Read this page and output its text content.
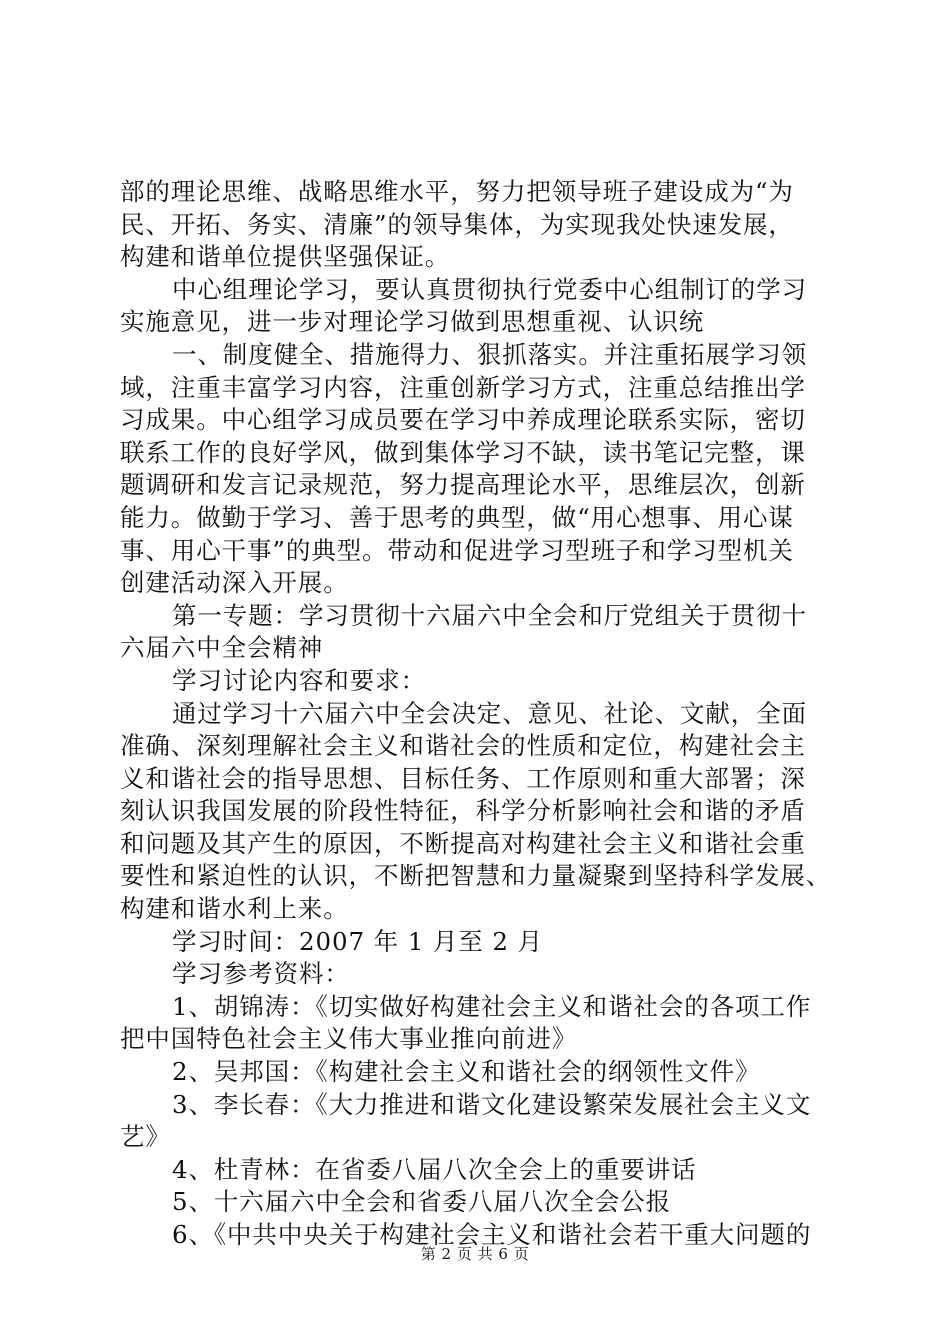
部的理论思维、战略思维水平，努力把领导班子建设成为“为
民、开拓、务实、清廉”的领导集体，为实现我处快速发展，
构建和谐单位提供坚强保证。
中心组理论学习，要认真贯彻执行党委中心组制订的学习
实施意见，进一步对理论学习做到思想重视、认识统
一、制度健全、措施得力、狠抓落实。并注重拓展学习领
域，注重丰富学习内容，注重创新学习方式，注重总结推出学
习成果。中心组学习成员要在学习中养成理论联系实际，密切
联系工作的良好学风，做到集体学习不缺，读书笔记完整，课
题调研和发言记录规范，努力提高理论水平，思维层次，创新
能力。做勤于学习、善于思考的典型，做“用心想事、用心谋
事、用心干事”的典型。带动和促进学习型班子和学习型机关
创建活动深入开展。
第一专题：学习贯彻十六届六中全会和厅党组关于贯彻十
六届六中全会精神
学习讨论内容和要求：
通过学习十六届六中全会决定、意见、社论、文献，全面
准确、深刻理解社会主义和谐社会的性质和定位，构建社会主
义和谐社会的指导思想、目标任务、工作原则和重大部署；深
刻认识我国发展的阶段性特征，科学分析影响社会和谐的矛盾
和问题及其产生的原因，不断提高对构建社会主义和谐社会重
要性和紧迫性的认识，不断把智慧和力量凝聚到坚持科学发展、
构建和谐水利上来。
学习时间：2007 年 1 月至 2 月
学习参考资料：
1、胡锦涛：《切实做好构建社会主义和谐社会的各项工作
把中国特色社会主义伟大事业推向前进》
2、吴邦国：《构建社会主义和谐社会的纲领性文件》
3、李长春：《大力推进和谐文化建设繁荣发展社会主义文
艺》
4、杜青林：在省委八届八次全会上的重要讲话
5、十六届六中全会和省委八届八次全会公报
6、《中共中央关于构建社会主义和谐社会若干重大问题的
第 2 页 共 6 页
